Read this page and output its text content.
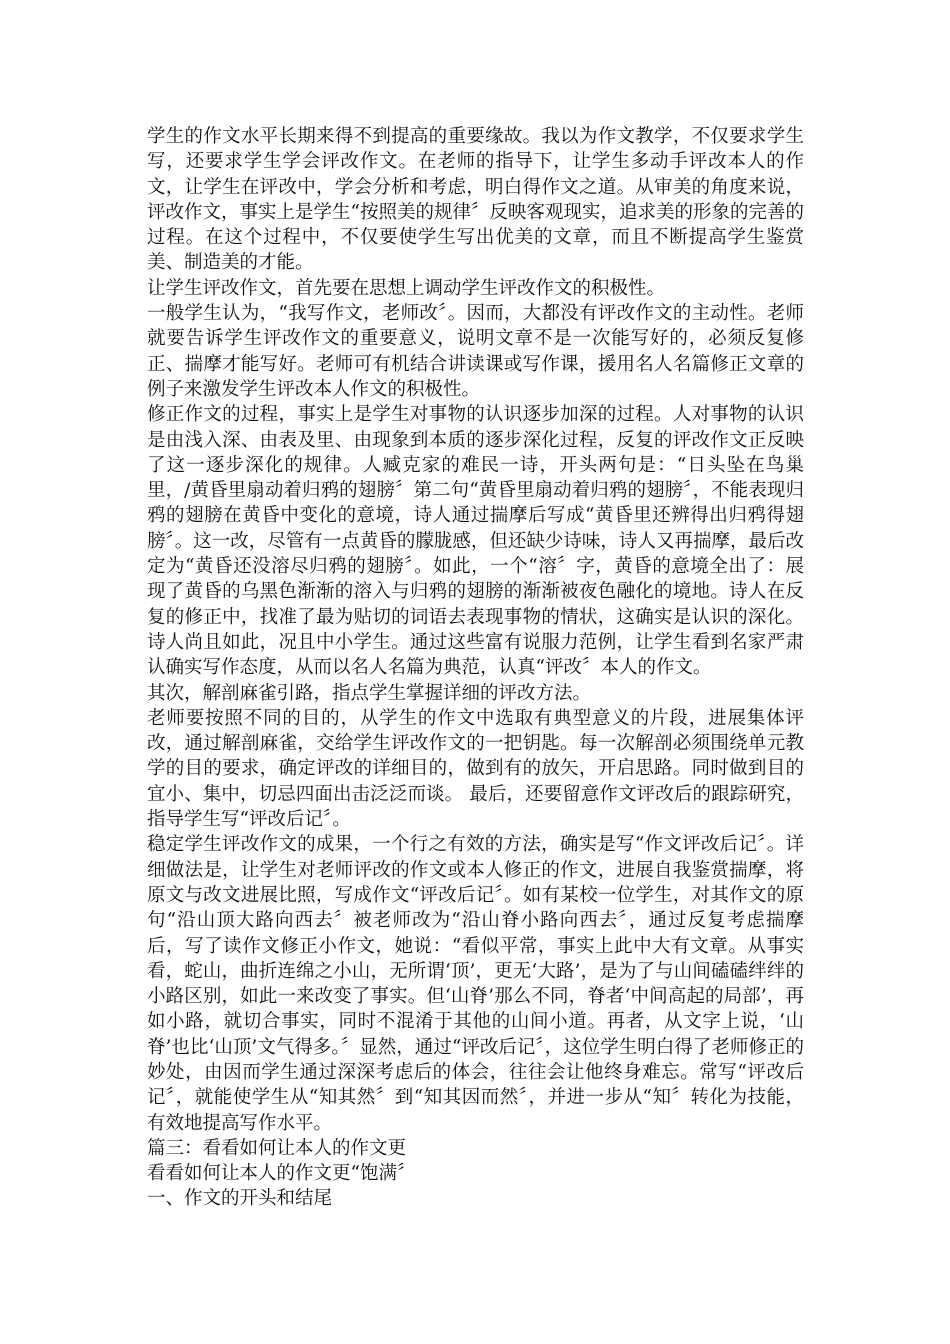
学生的作文水平长期来得不到提高的重要缘故。我以为作文教学，不仅要求学生写，还要求学生学会评改作文。在老师的指导下，让学生多动手评改本人的作文，让学生在评改中，学会分析和考虑，明白得作文之道。从审美的角度来说，评改作文，事实上是学生“按照美的规律〞反映客观现实，追求美的形象的完善的过程。在这个过程中，不仅要使学生写出优美的文章，而且不断提高学生鉴赏美、制造美的才能。

让学生评改作文，首先要在思想上调动学生评改作文的积极性。

一般学生认为，“我写作文，老师改〞。因而，大都没有评改作文的主动性。老师就要告诉学生评改作文的重要意义，说明文章不是一次能写好的，必须反复修正、揣摩才能写好。老师可有机结合讲读课或写作课，援用名人名篇修正文章的例子来激发学生评改本人作文的积极性。

修正作文的过程，事实上是学生对事物的认识逐步加深的过程。人对事物的认识是由浅入深、由表及里、由现象到本质的逐步深化过程，反复的评改作文正反映了这一逐步深化的规律。人臧克家的难民一诗，开头两句是：“日头坠在鸟巢里，/黄昏里扇动着归鸦的翅膀〞第二句“黄昏里扇动着归鸦的翅膀〞，不能表现归鸦的翅膀在黄昏中变化的意境，诗人通过揣摩后写成“黄昏里还辨得出归鸦得翅膀〞。这一改，尽管有一点黄昏的朦胧感，但还缺少诗味，诗人又再揣摩，最后改定为“黄昏还没溶尽归鸦的翅膀〞。如此，一个“溶〞字，黄昏的意境全出了：展现了黄昏的乌黑色渐渐的溶入与归鸦的翅膀的渐渐被夜色融化的境地。诗人在反复的修正中，找准了最为贴切的词语去表现事物的情状，这确实是认识的深化。诗人尚且如此，况且中小学生。通过这些富有说服力范例，让学生看到名家严肃认确实写作态度，从而以名人名篇为典范，认真“评改〞本人的作文。

其次，解剖麻雀引路，指点学生掌握详细的评改方法。

老师要按照不同的目的，从学生的作文中选取有典型意义的片段，进展集体评改，通过解剖麻雀，交给学生评改作文的一把钥匙。每一次解剖必须围绕单元教学的目的要求，确定评改的详细目的，做到有的放矢，开启思路。同时做到目的宜小、集中，切忌四面出击泛泛而谈。 最后，还要留意作文评改后的跟踪研究，指导学生写“评改后记〞。

稳定学生评改作文的成果，一个行之有效的方法，确实是写“作文评改后记〞。详细做法是，让学生对老师评改的作文或本人修正的作文，进展自我鉴赏揣摩，将原文与改文进展比照，写成作文“评改后记〞。如有某校一位学生，对其作文的原句“沿山顶大路向西去〞被老师改为“沿山脊小路向西去〞，通过反复考虑揣摩后，写了读作文修正小作文，她说：“看似平常，事实上此中大有文章。从事实看，蛇山，曲折连绵之小山，无所谓‘顶’，更无‘大路’，是为了与山间磕磕绊绊的小路区别，如此一来改变了事实。但‘山脊’那么不同，脊者‘中间高起的局部’，再如小路，就切合事实，同时不混淆于其他的山间小道。再者，从文字上说，‘山脊’也比‘山顶’文气得多。〞显然，通过“评改后记〞，这位学生明白得了老师修正的妙处，由因而学生通过深深考虑后的体会，往往会让他终身难忘。常写“评改后记〞，就能使学生从“知其然〞到“知其因而然〞，并进一步从“知〞转化为技能，有效地提高写作水平。

篇三：看看如何让本人的作文更

看看如何让本人的作文更“饱满〞

一、作文的开头和结尾
